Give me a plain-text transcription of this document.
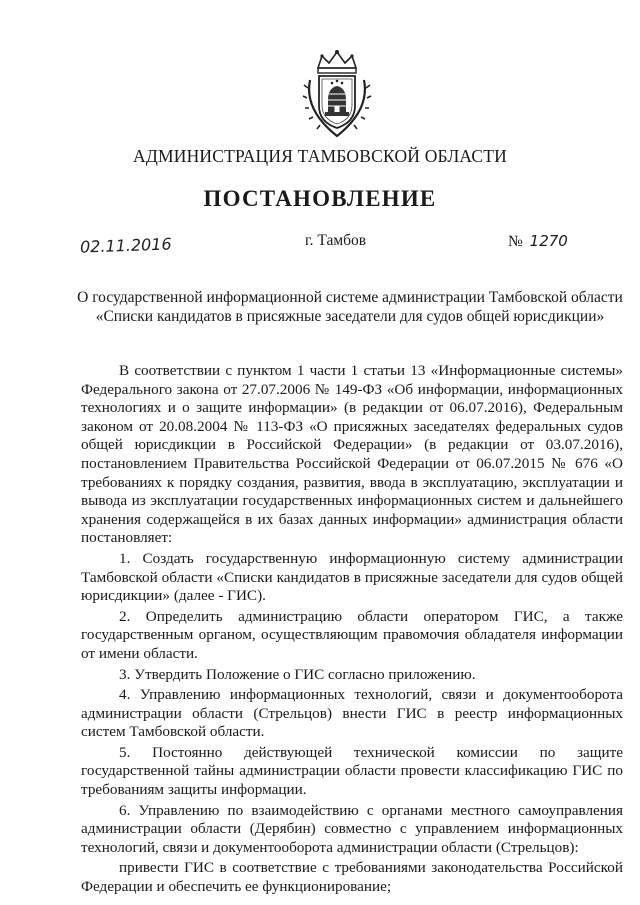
АДМИНИСТРАЦИЯ ТАМБОВСКОЙ ОБЛАСТИ
ПОСТАНОВЛЕНИЕ
02.11.2016	г. Тамбов	№ 1270
О государственной информационной системе администрации Тамбовской области
«Списки кандидатов в присяжные заседатели для судов общей юрисдикции»

В соответствии с пунктом 1 части 1 статьи 13 «Информационные системы» Федерального закона от 27.07.2006 № 149-ФЗ «Об информации, информационных технологиях и о защите информации» (в редакции от 06.07.2016), Федеральным законом от 20.08.2004 № 113-ФЗ «О присяжных заседателях федеральных судов общей юрисдикции в Российской Федерации» (в редакции от 03.07.2016), постановлением Правительства Российской Федерации от 06.07.2015 № 676 «О требованиях к порядку создания, развития, ввода в эксплуатацию, эксплуатации и вывода из эксплуатации государственных информационных систем и дальнейшего хранения содержащейся в их базах данных информации» администрация области постановляет:

1. Создать государственную информационную систему администрации Тамбовской области «Списки кандидатов в присяжные заседатели для судов общей юрисдикции» (далее - ГИС).

2. Определить администрацию области оператором ГИС, а также государственным органом, осуществляющим правомочия обладателя информации от имени области.

3. Утвердить Положение о ГИС согласно приложению.

4. Управлению информационных технологий, связи и документооборота администрации области (Стрельцов) внести ГИС в реестр информационных систем Тамбовской области.

5. Постоянно действующей технической комиссии по защите государственной тайны администрации области провести классификацию ГИС по требованиям защиты информации.

6. Управлению по взаимодействию с органами местного самоуправления администрации области (Дерябин) совместно с управлением информационных технологий, связи и документооборота администрации области (Стрельцов):

привести ГИС в соответствие с требованиями законодательства Российской Федерации и обеспечить ее функционирование;
